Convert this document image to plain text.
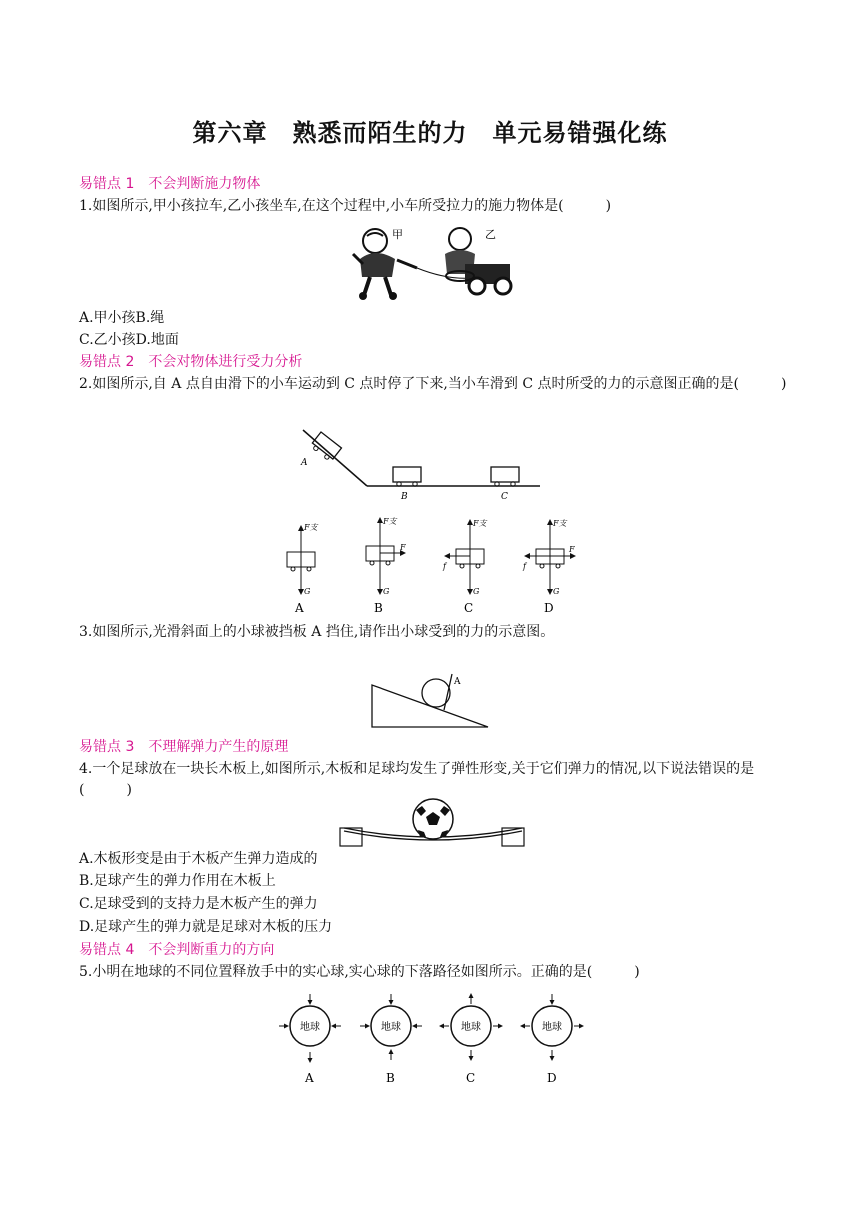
第六章　熟悉而陌生的力　单元易错强化练
易错点 1　不会判断施力物体
1.如图所示,甲小孩拉车,乙小孩坐车,在这个过程中,小车所受拉力的施力物体是(　　　)
甲	乙
A.甲小孩B.绳
C.乙小孩D.地面
易错点 2　不会对物体进行受力分析
2.如图所示,自 A 点自由滑下的小车运动到 C 点时停了下来,当小车滑到 C 点时所受的力的示意图正确的是(　　　)
A
B	C
F支
G
A
F支
F
G
B
F支
f
G
C
F支
F
f
G
D
3.如图所示,光滑斜面上的小球被挡板 A 挡住,请作出小球受到的力的示意图。
A
易错点 3　不理解弹力产生的原理
4.一个足球放在一块长木板上,如图所示,木板和足球均发生了弹性形变,关于它们弹力的情况,以下说法错误的是(　　　)
A.木板形变是由于木板产生弹力造成的
B.足球产生的弹力作用在木板上
C.足球受到的支持力是木板产生的弹力
D.足球产生的弹力就是足球对木板的压力
易错点 4　不会判断重力的方向
5.小明在地球的不同位置释放手中的实心球,实心球的下落路径如图所示。正确的是(　　　)
地球
A
地球
B
地球
C
地球
D
